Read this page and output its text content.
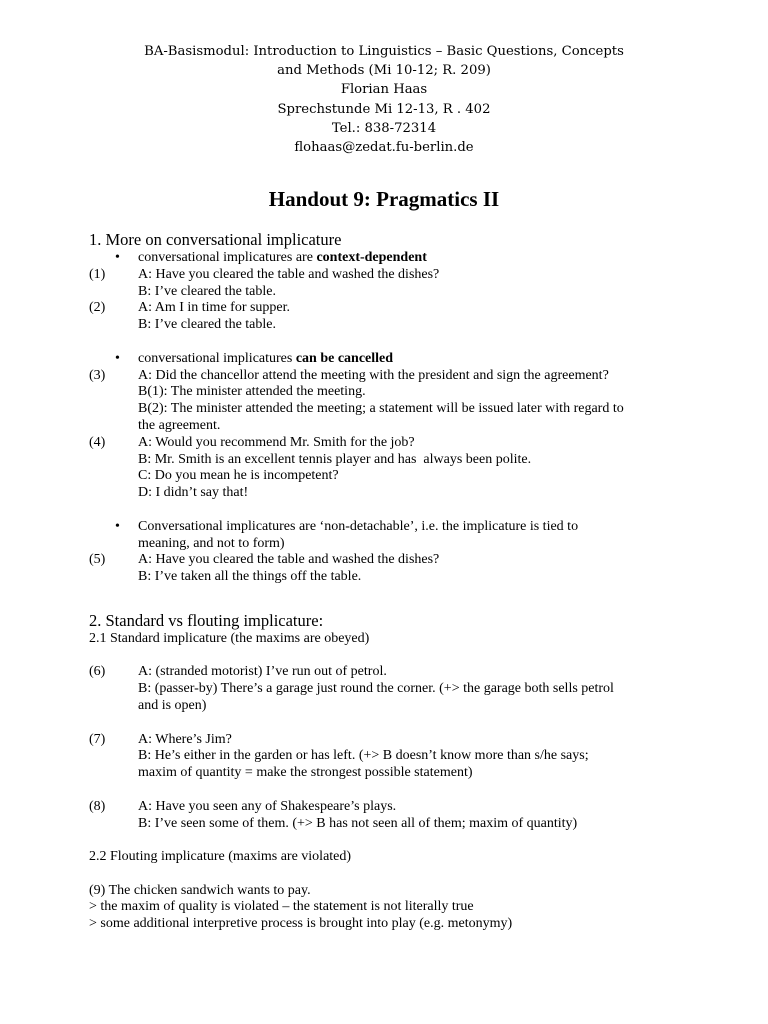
BA-Basismodul: Introduction to Linguistics – Basic Questions, Concepts
and Methods (Mi 10-12; R. 209)
Florian Haas
Sprechstunde Mi 12-13, R . 402
Tel.: 838-72314
flohaas@zedat.fu-berlin.de
Handout 9: Pragmatics II
1. More on conversational implicature
• conversational implicatures are context-dependent
(1) A: Have you cleared the table and washed the dishes?
B: I’ve cleared the table.
(2) A: Am I in time for supper.
B: I’ve cleared the table.
• conversational implicatures can be cancelled
(3) A: Did the chancellor attend the meeting with the president and sign the agreement?
B(1): The minister attended the meeting.
B(2): The minister attended the meeting; a statement will be issued later with regard to
the agreement.
(4) A: Would you recommend Mr. Smith for the job?
B: Mr. Smith is an excellent tennis player and has  always been polite.
C: Do you mean he is incompetent?
D: I didn’t say that!
• Conversational implicatures are ‘non-detachable’, i.e. the implicature is tied to
meaning, and not to form)
(5) A: Have you cleared the table and washed the dishes?
B: I’ve taken all the things off the table.
2. Standard vs flouting implicature:
2.1 Standard implicature (the maxims are obeyed)
(6) A: (stranded motorist) I’ve run out of petrol.
B: (passer-by) There’s a garage just round the corner. (+> the garage both sells petrol
and is open)
(7) A: Where’s Jim?
B: He’s either in the garden or has left. (+> B doesn’t know more than s/he says;
maxim of quantity = make the strongest possible statement)
(8) A: Have you seen any of Shakespeare’s plays.
B: I’ve seen some of them. (+> B has not seen all of them; maxim of quantity)
2.2 Flouting implicature (maxims are violated)
(9) The chicken sandwich wants to pay.
> the maxim of quality is violated – the statement is not literally true
> some additional interpretive process is brought into play (e.g. metonymy)
